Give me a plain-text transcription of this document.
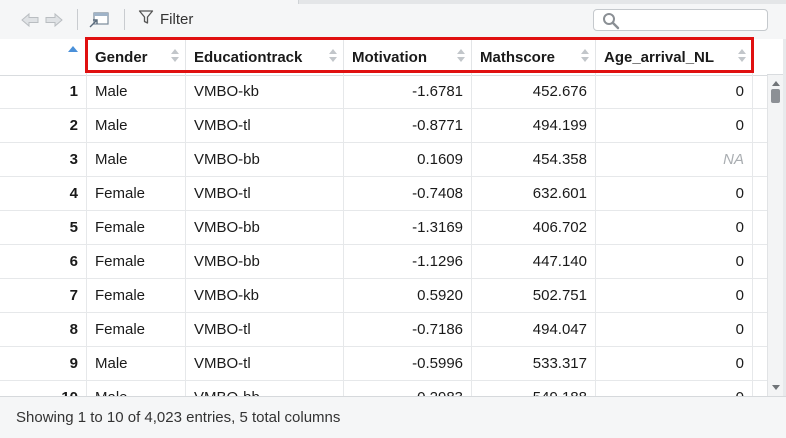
Filter
Gender	Educationtrack	Motivation	Mathscore	Age_arrival_NL
1	Male	VMBO-kb	-1.6781	452.676	0
2	Male	VMBO-tl	-0.8771	494.199	0
3	Male	VMBO-bb	0.1609	454.358	NA
4	Female	VMBO-tl	-0.7408	632.601	0
5	Female	VMBO-bb	-1.3169	406.702	0
6	Female	VMBO-bb	-1.1296	447.140	0
7	Female	VMBO-kb	0.5920	502.751	0
8	Female	VMBO-tl	-0.7186	494.047	0
9	Male	VMBO-tl	-0.5996	533.317	0
Showing 1 to 10 of 4,023 entries, 5 total columns
